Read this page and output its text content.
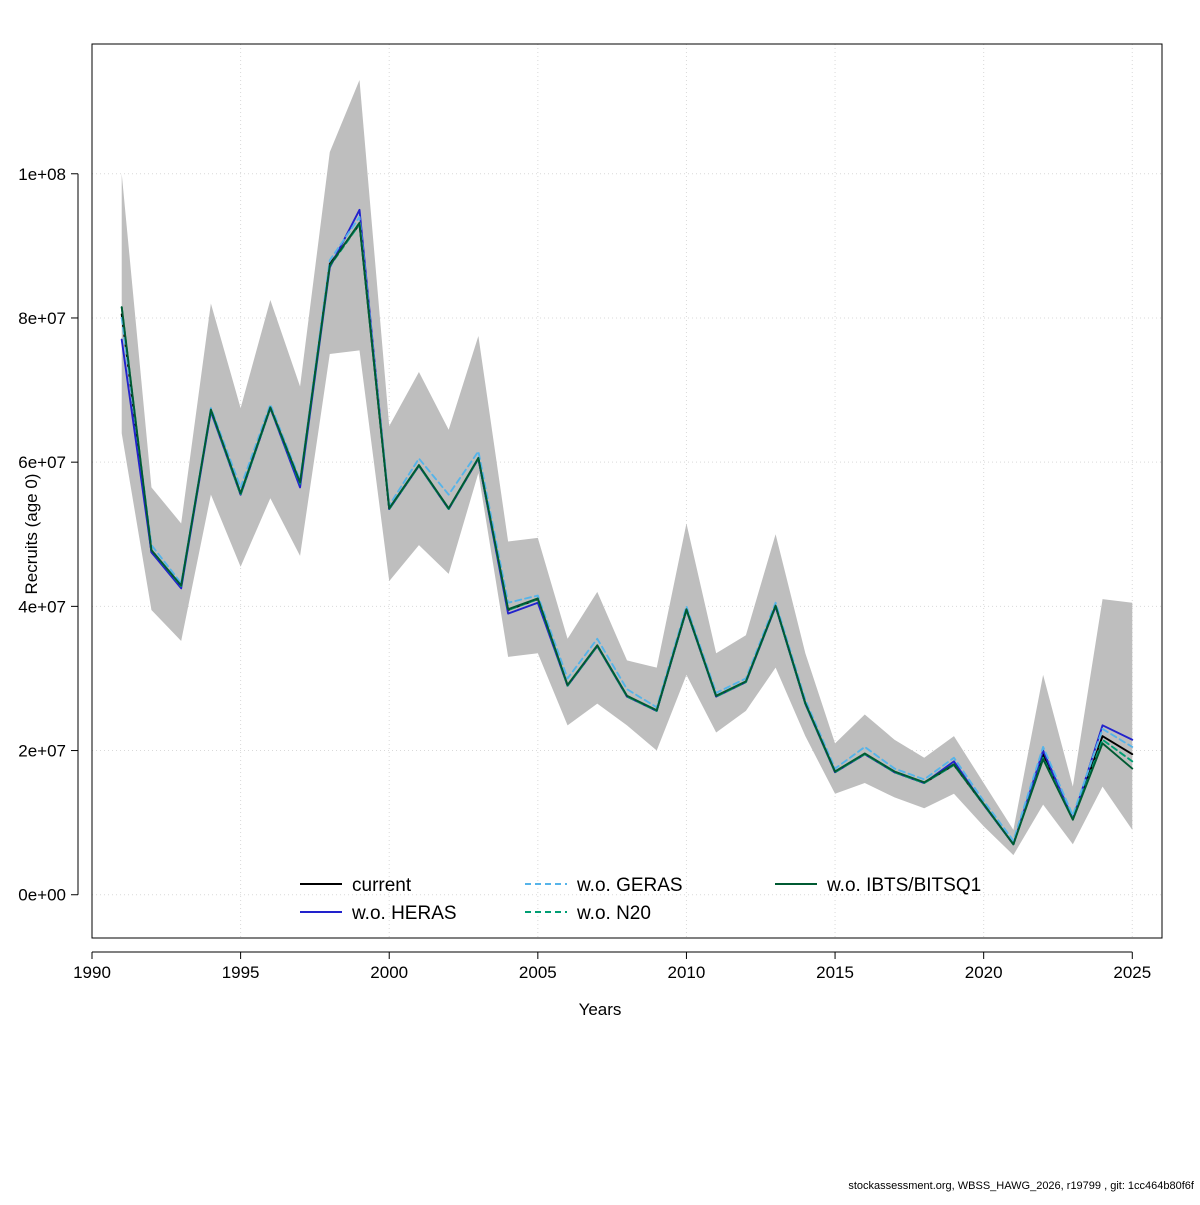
1990	1995	2000	2005	2010	2015	2020	2025
0e+00
2e+07
4e+07
6e+07
8e+07
1e+08
current
w.o. HERAS
w.o. GERAS
w.o. N20
w.o. IBTS/BITSQ1
Recruits (age 0)
Years
stockassessment.org, WBSS_HAWG_2026, r19799 , git: 1cc464b80f6f
